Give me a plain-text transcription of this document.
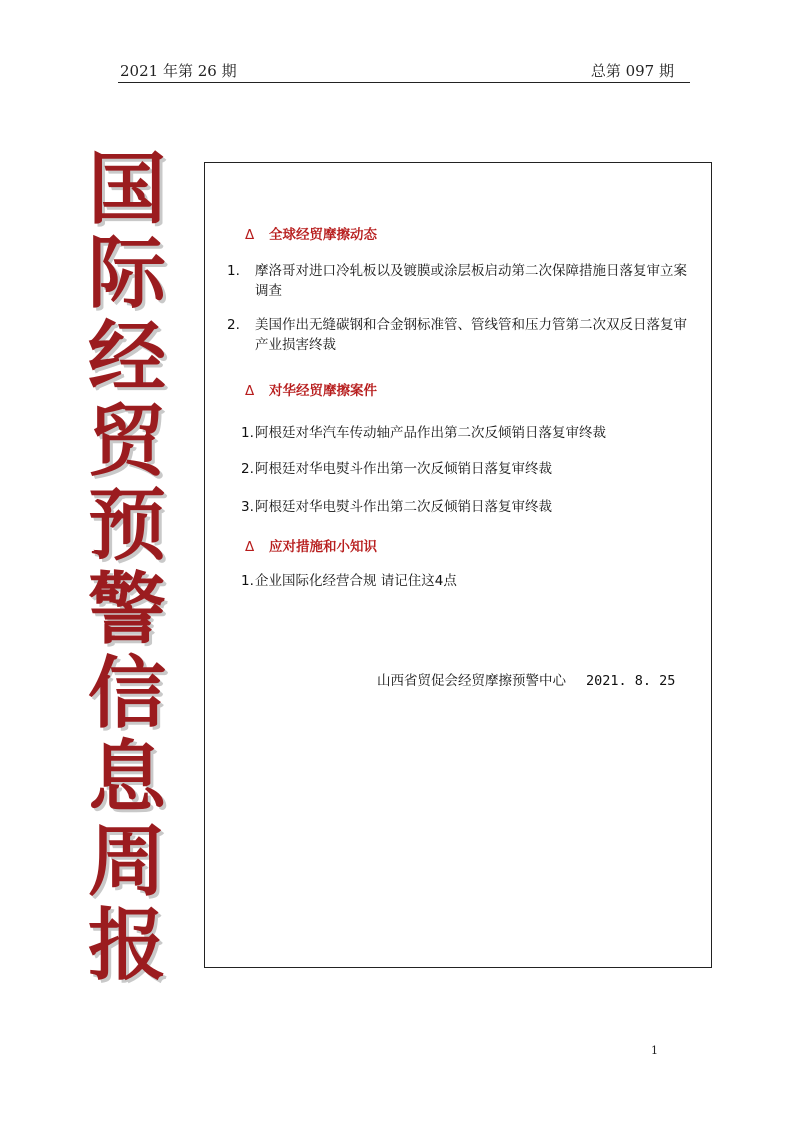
2021 年第 26 期	总第 097 期
国
际
经
贸
预
警
信
息
周
报
Δ 全球经贸摩擦动态
1. 摩洛哥对进口冷轧板以及镀膜或涂层板启动第二次保障措施日落复审立案调查
2. 美国作出无缝碳钢和合金钢标准管、管线管和压力管第二次双反日落复审产业损害终裁
Δ 对华经贸摩擦案件
1.阿根廷对华汽车传动轴产品作出第二次反倾销日落复审终裁
2.阿根廷对华电熨斗作出第一次反倾销日落复审终裁
3.阿根廷对华电熨斗作出第二次反倾销日落复审终裁
Δ 应对措施和小知识
1.企业国际化经营合规 请记住这4点
山西省贸促会经贸摩擦预警中心 2021. 8. 25
1
